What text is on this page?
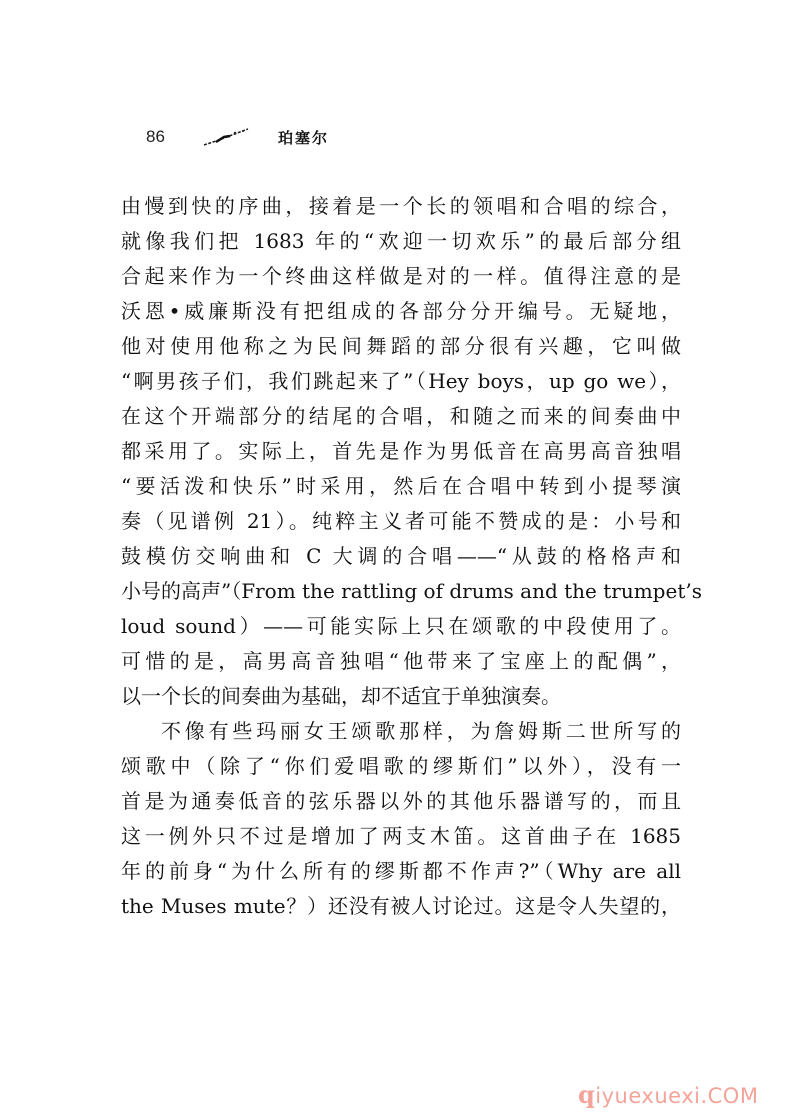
86	珀塞尔
由慢到快的序曲，接着是一个长的领唱和合唱的综合，
就像我们把 1683 年的“欢迎一切欢乐”的最后部分组
合起来作为一个终曲这样做是对的一样。值得注意的是
沃恩•威廉斯没有把组成的各部分分开编号。无疑地，
他对使用他称之为民间舞蹈的部分很有兴趣，它叫做
“啊男孩子们，我们跳起来了”（Hey boys，up go we），
在这个开端部分的结尾的合唱，和随之而来的间奏曲中
都采用了。实际上，首先是作为男低音在高男高音独唱
“要活泼和快乐”时采用，然后在合唱中转到小提琴演
奏（见谱例 21）。纯粹主义者可能不赞成的是：小号和
鼓模仿交响曲和 C 大调的合唱——“从鼓的格格声和
小号的高声”（From the rattling of drums and the trumpet’s
loud sound）——可能实际上只在颂歌的中段使用了。
可惜的是，高男高音独唱“他带来了宝座上的配偶”，
以一个长的间奏曲为基础，却不适宜于单独演奏。
不像有些玛丽女王颂歌那样，为詹姆斯二世所写的
颂歌中（除了“你们爱唱歌的缪斯们”以外），没有一
首是为通奏低音的弦乐器以外的其他乐器谱写的，而且
这一例外只不过是增加了两支木笛。这首曲子在 1685
年的前身“为什么所有的缪斯都不作声?”（Why are all
the Muses mute？）还没有被人讨论过。这是令人失望的，
qiyuexuexi.COM
